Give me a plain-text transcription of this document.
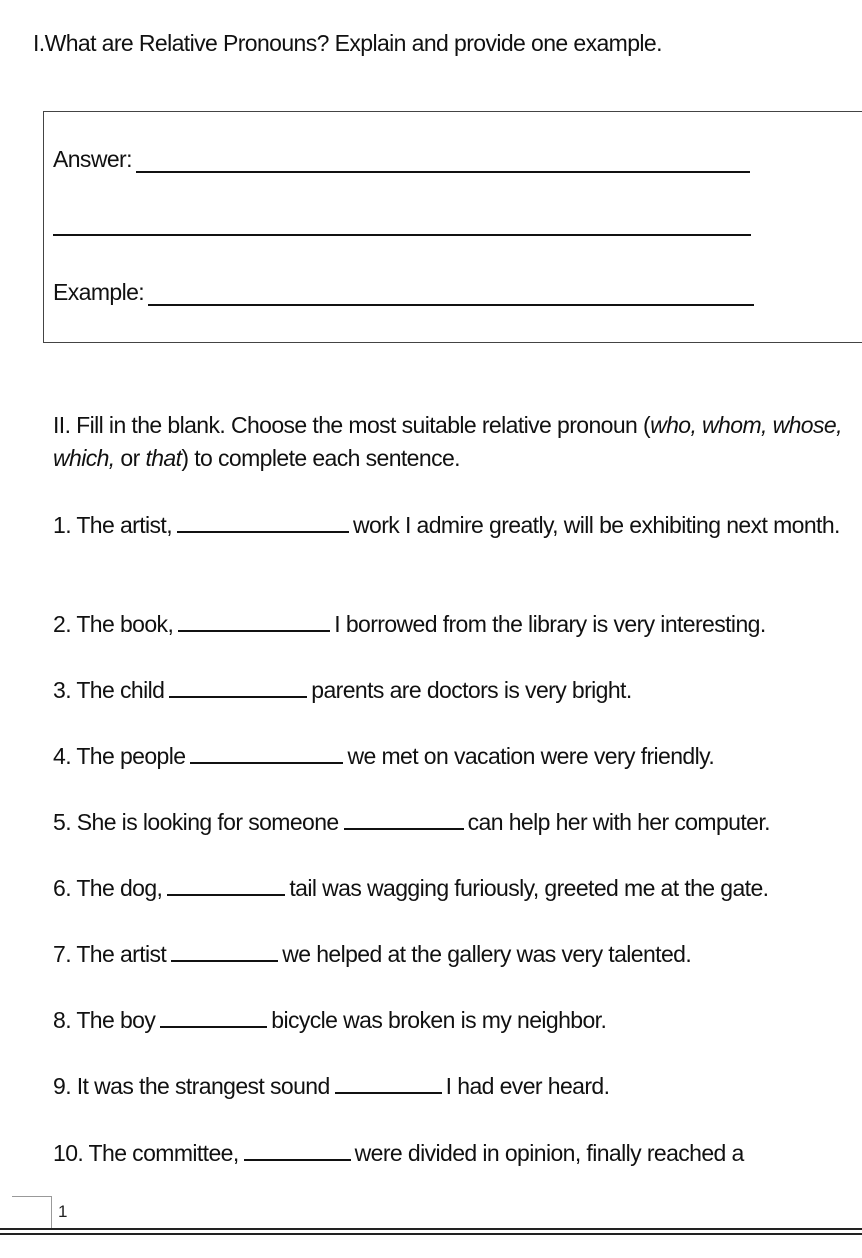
I.What are Relative Pronouns? Explain and provide one example.
Answer:
Example:
II. Fill in the blank. Choose the most suitable relative pronoun (who, whom, whose, which, or that) to complete each sentence.
1. The artist,	work I admire greatly, will be exhibiting next month.
2. The book,	I borrowed from the library is very interesting.
3. The child	parents are doctors is very bright.
4. The people	we met on vacation were very friendly.
5. She is looking for someone	can help her with her computer.
6. The dog,	tail was wagging furiously, greeted me at the gate.
7. The artist	we helped at the gallery was very talented.
8. The boy	bicycle was broken is my neighbor.
9. It was the strangest sound	I had ever heard.
10. The committee,	were divided in opinion, finally reached a
1
